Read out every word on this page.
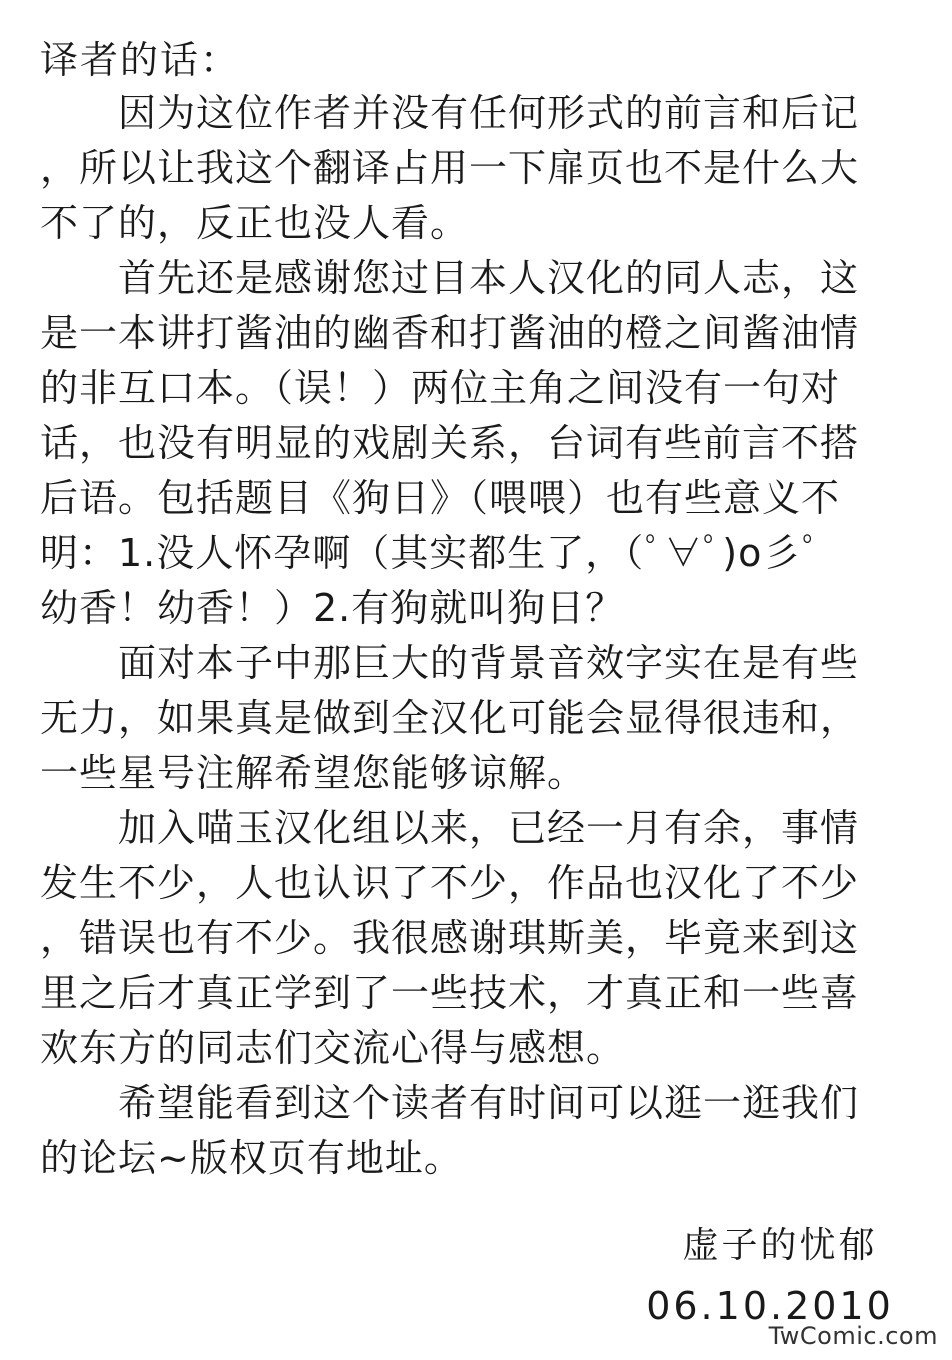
译者的话：
　　因为这位作者并没有任何形式的前言和后记
，所以让我这个翻译占用一下扉页也不是什么大
不了的，反正也没人看。
　　首先还是感谢您过目本人汉化的同人志，这
是一本讲打酱油的幽香和打酱油的橙之间酱油情
的非互口本。（误！）两位主角之间没有一句对
话，也没有明显的戏剧关系，台词有些前言不搭
后语。包括题目《狗日》（喂喂）也有些意义不
明：1.没人怀孕啊（其实都生了，（ﾟ∀ﾟ)o彡ﾟ
幼香！幼香！）2.有狗就叫狗日？
　　面对本子中那巨大的背景音效字实在是有些
无力，如果真是做到全汉化可能会显得很违和，
一些星号注解希望您能够谅解。
　　加入喵玉汉化组以来，已经一月有余，事情
发生不少，人也认识了不少，作品也汉化了不少
，错误也有不少。我很感谢琪斯美，毕竟来到这
里之后才真正学到了一些技术，才真正和一些喜
欢东方的同志们交流心得与感想。
　　希望能看到这个读者有时间可以逛一逛我们
的论坛~版权页有地址。
虚子的忧郁
06.10.2010
TwComic.com
